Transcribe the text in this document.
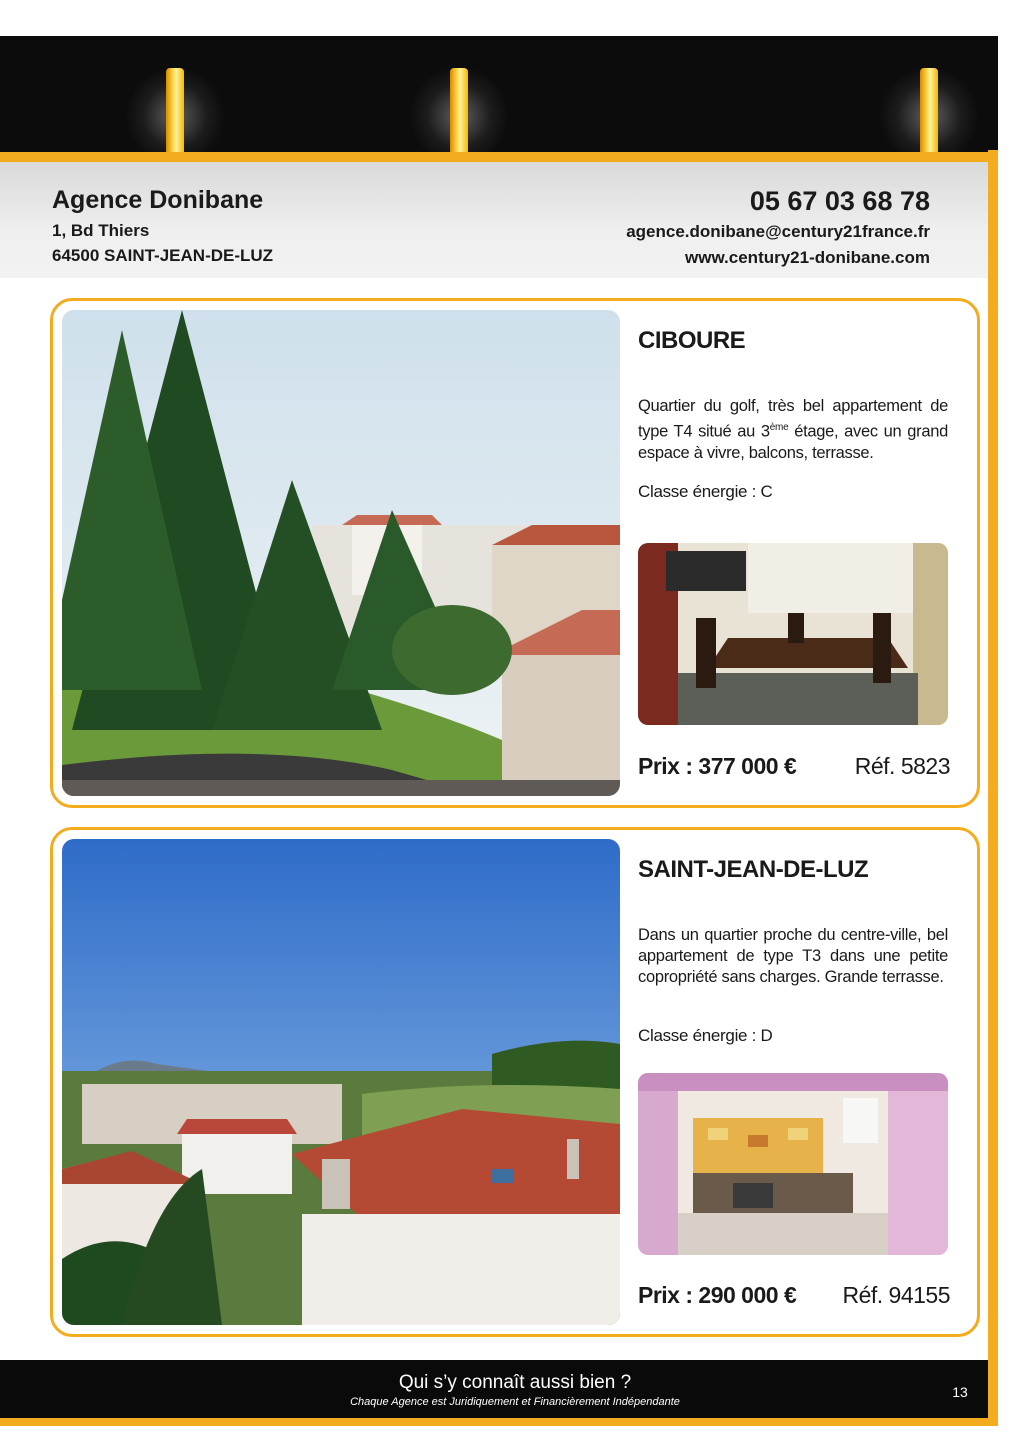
Agence Donibane
1, Bd Thiers
64500 SAINT-JEAN-DE-LUZ
05 67 03 68 78
agence.donibane@century21france.fr
www.century21-donibane.com
CIBOURE
Quartier du golf, très bel appartement de type T4 situé au 3ème étage, avec un grand espace à vivre, balcons, terrasse.
Classe énergie : C
Prix : 377 000 €	Réf. 5823
SAINT-JEAN-DE-LUZ
Dans un quartier proche du centre-ville, bel appartement de type T3 dans une petite copropriété sans charges. Grande terrasse.
Classe énergie : D
Prix : 290 000 € Réf. 94155
Qui s’y connaît aussi bien ?
Chaque Agence est Juridiquement et Financièrement Indépendante
13
